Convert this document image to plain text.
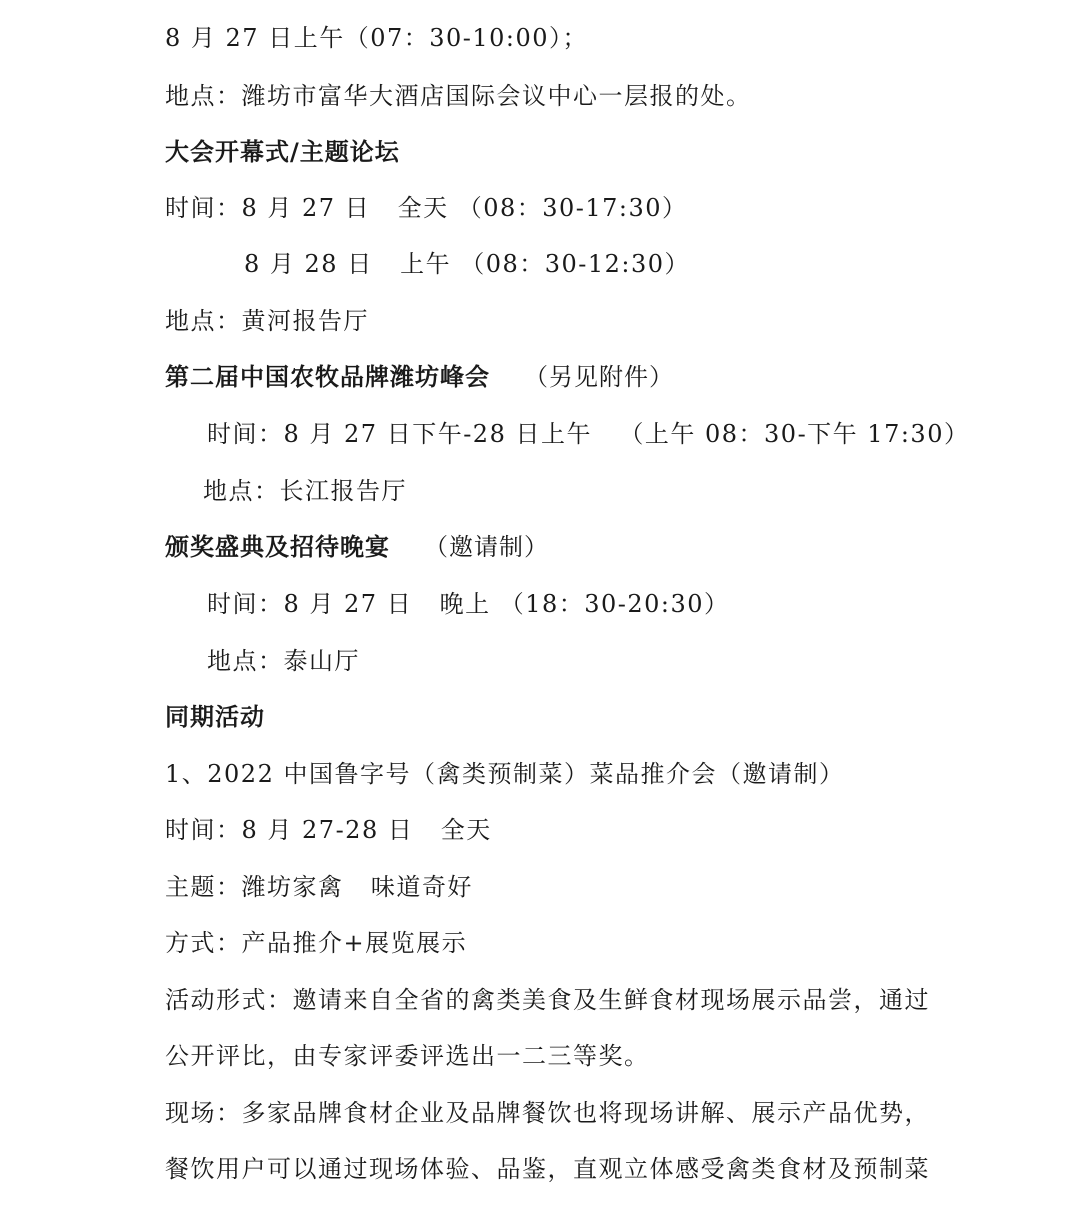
8 月 27 日上午（07：30-10:00）；
地点：潍坊市富华大酒店国际会议中心一层报的处。
大会开幕式/主题论坛
时间：8 月 27 日   全天 （08：30-17:30）
8 月 28 日   上午 （08：30-12:30）
地点：黄河报告厅
第二届中国农牧品牌潍坊峰会 （另见附件）
时间：8 月 27 日下午-28 日上午   （上午 08：30-下午 17:30）
地点：长江报告厅
颁奖盛典及招待晚宴 （邀请制）
时间：8 月 27 日   晚上 （18：30-20:30）
地点：泰山厅
同期活动
1、2022 中国鲁字号（禽类预制菜）菜品推介会（邀请制）
时间：8 月 27-28 日   全天
主题：潍坊家禽   味道奇好
方式：产品推介+展览展示
活动形式：邀请来自全省的禽类美食及生鲜食材现场展示品尝，通过
公开评比，由专家评委评选出一二三等奖。
现场：多家品牌食材企业及品牌餐饮也将现场讲解、展示产品优势，
餐饮用户可以通过现场体验、品鉴，直观立体感受禽类食材及预制菜
